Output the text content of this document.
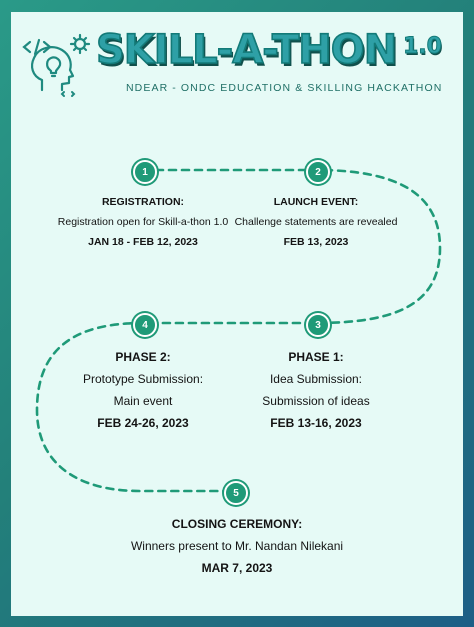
SKILL-A-THON 1.0
NDEAR - ONDC EDUCATION & SKILLING HACKATHON
1	2
3
4
5
REGISTRATION:
Registration open for Skill-a-thon 1.0
JAN 18 - FEB 12, 2023
LAUNCH EVENT:
Challenge statements are revealed
FEB 13, 2023
PHASE 1:
Idea Submission:
Submission of ideas
FEB 13-16, 2023
PHASE 2:
Prototype Submission:
Main event
FEB 24-26, 2023
CLOSING CEREMONY:
Winners present to Mr. Nandan Nilekani
MAR 7, 2023
